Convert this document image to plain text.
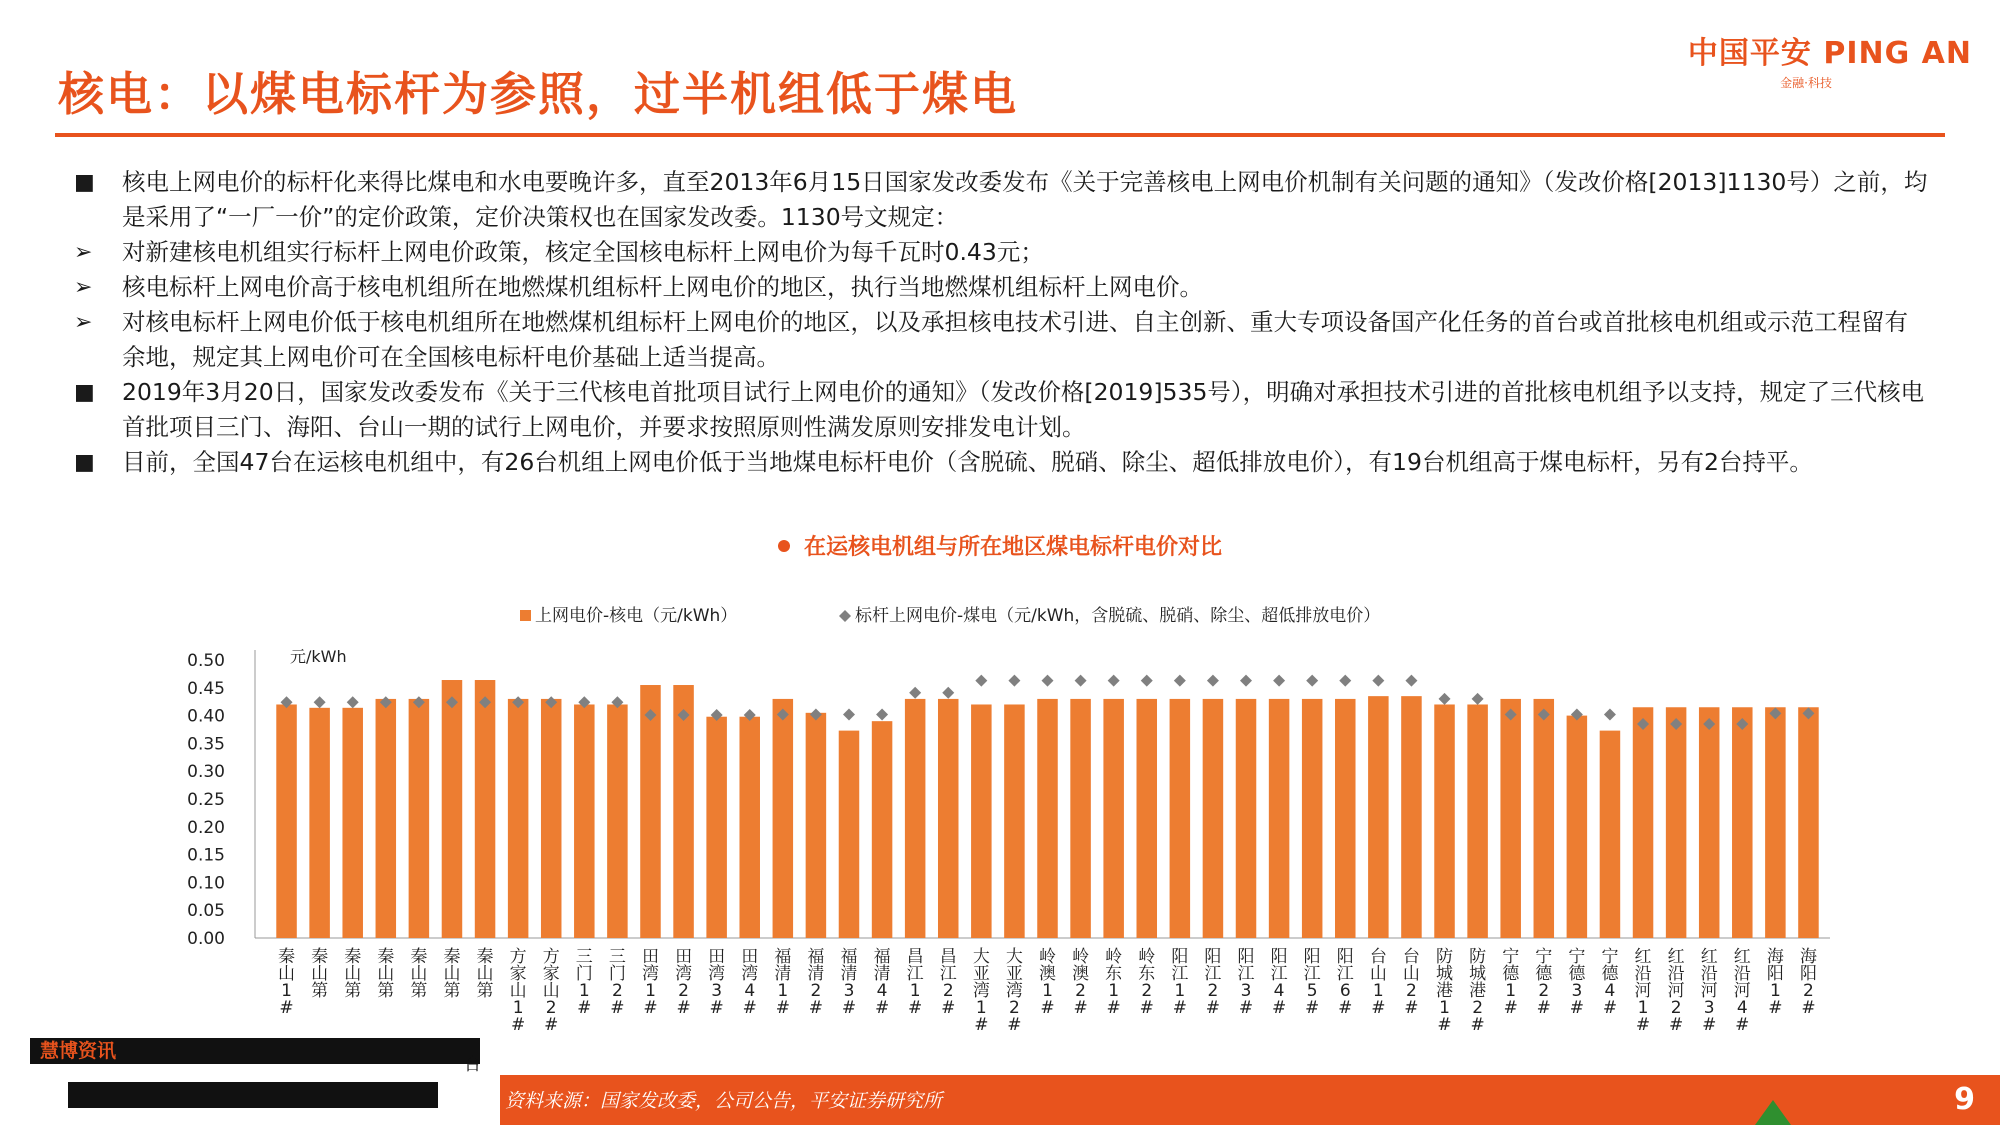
中国平安 PING AN
金融·科技
核电：以煤电标杆为参照，过半机组低于煤电
■	核电上网电价的标杆化来得比煤电和水电要晚许多，直至2013年6月15日国家发改委发布《关于完善核电上网电价机制有关问题的通知》（发改价格[2013]1130号）之前，均是采用了“一厂一价”的定价政策，定价决策权也在国家发改委。1130号文规定：
➢	对新建核电机组实行标杆上网电价政策，核定全国核电标杆上网电价为每千瓦时0.43元；
➢	核电标杆上网电价高于核电机组所在地燃煤机组标杆上网电价的地区，执行当地燃煤机组标杆上网电价。
➢	对核电标杆上网电价低于核电机组所在地燃煤机组标杆上网电价的地区，以及承担核电技术引进、自主创新、重大专项设备国产化任务的首台或首批核电机组或示范工程留有余地，规定其上网电价可在全国核电标杆电价基础上适当提高。
■	2019年3月20日，国家发改委发布《关于三代核电首批项目试行上网电价的通知》（发改价格[2019]535号），明确对承担技术引进的首批核电机组予以支持，规定了三代核电首批项目三门、海阳、台山一期的试行上网电价，并要求按照原则性满发原则安排发电计划。
■	目前，全国47台在运核电机组中，有26台机组上网电价低于当地煤电标杆电价（含脱硫、脱硝、除尘、超低排放电价），有19台机组高于煤电标杆，另有2台持平。
在运核电机组与所在地区煤电标杆电价对比
上网电价-核电（元/kWh）	标杆上网电价-煤电（元/kWh，含脱硫、脱硝、除尘、超低排放电价）
元/kWh
0.00
0.05
0.10
0.15
0.20
0.25
0.30
0.35
0.40
0.45
0.50
秦山 1 #
秦山第
秦山第
秦山第
秦山第
秦山第
秦山第
方家山 1 #
方家山 2 #
三门 1 #
三门 2 #
田湾 1 #
田湾 2 #
田湾 3 #
田湾 4 #
福清 1 #
福清 2 #
福清 3 #
福清 4 #
昌江 1 #
昌江 2 #
大亚湾 1 #
大亚湾 2 #
岭澳 1 #
岭澳 2 #
岭东 1 #
岭东 2 #
阳江 1 #
阳江 2 #
阳江 3 #
阳江 4 #
阳江 5 #
阳江 6 #
台山 1 #
台山 2 #
防城港 1 #
防城港 2 #
宁德 1 #
宁德 2 #
宁德 3 #
宁德 4 #
红沿河 1 #
红沿河 2 #
红沿河 3 #
红沿河 4 #
海阳 1 #
海阳 2 #
资料来源：国家发改委，公司公告，平安证券研究所
慧博资讯
台
9
